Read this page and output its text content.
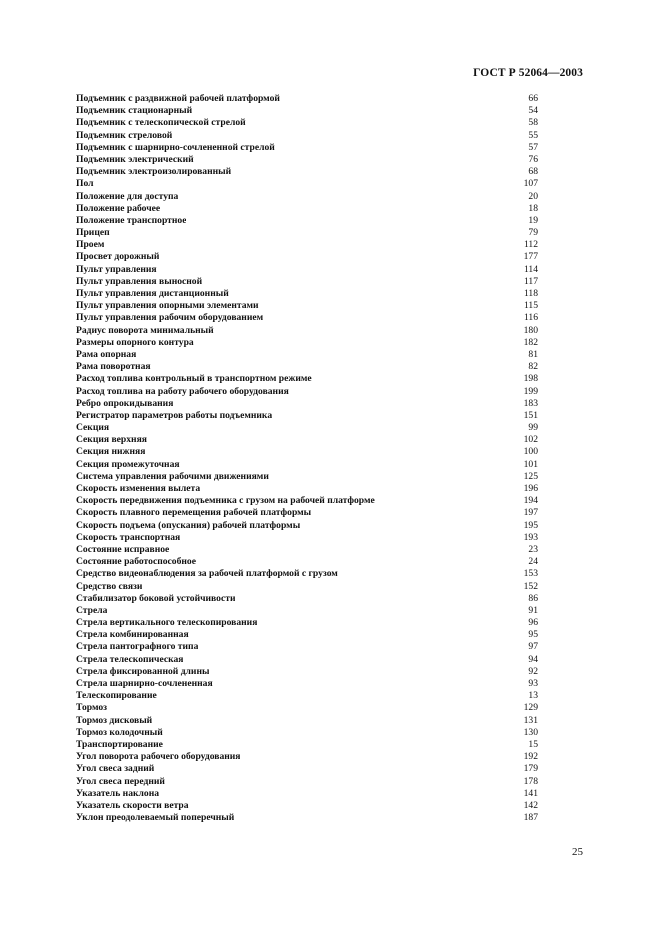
ГОСТ Р 52064—2003
Подъемник с раздвижной рабочей платформой	66
Подъемник стационарный	54
Подъемник с телескопической стрелой	58
Подъемник стреловой	55
Подъемник с шарнирно-сочлененной стрелой	57
Подъемник электрический	76
Подъемник электроизолированный	68
Пол	107
Положение для доступа	20
Положение рабочее	18
Положение транспортное	19
Прицеп	79
Проем	112
Просвет дорожный	177
Пульт управления	114
Пульт управления выносной	117
Пульт управления дистанционный	118
Пульт управления опорными элементами	115
Пульт управления рабочим оборудованием	116
Радиус поворота минимальный	180
Размеры опорного контура	182
Рама опорная	81
Рама поворотная	82
Расход топлива контрольный в транспортном режиме	198
Расход топлива на работу рабочего оборудования	199
Ребро опрокидывания	183
Регистратор параметров работы подъемника	151
Секция	99
Секция верхняя	102
Секция нижняя	100
Секция промежуточная	101
Система управления рабочими движениями	125
Скорость изменения вылета	196
Скорость передвижения подъемника с грузом на рабочей платформе	194
Скорость плавного перемещения рабочей платформы	197
Скорость подъема (опускания) рабочей платформы	195
Скорость транспортная	193
Состояние исправное	23
Состояние работоспособное	24
Средство видеонаблюдения за рабочей платформой с грузом	153
Средство связи	152
Стабилизатор боковой устойчивости	86
Стрела	91
Стрела вертикального телескопирования	96
Стрела комбинированная	95
Стрела пантографного типа	97
Стрела телескопическая	94
Стрела фиксированной длины	92
Стрела шарнирно-сочлененная	93
Телескопирование	13
Тормоз	129
Тормоз дисковый	131
Тормоз колодочный	130
Транспортирование	15
Угол поворота рабочего оборудования	192
Угол свеса задний	179
Угол свеса передний	178
Указатель наклона	141
Указатель скорости ветра	142
Уклон преодолеваемый поперечный	187
25
